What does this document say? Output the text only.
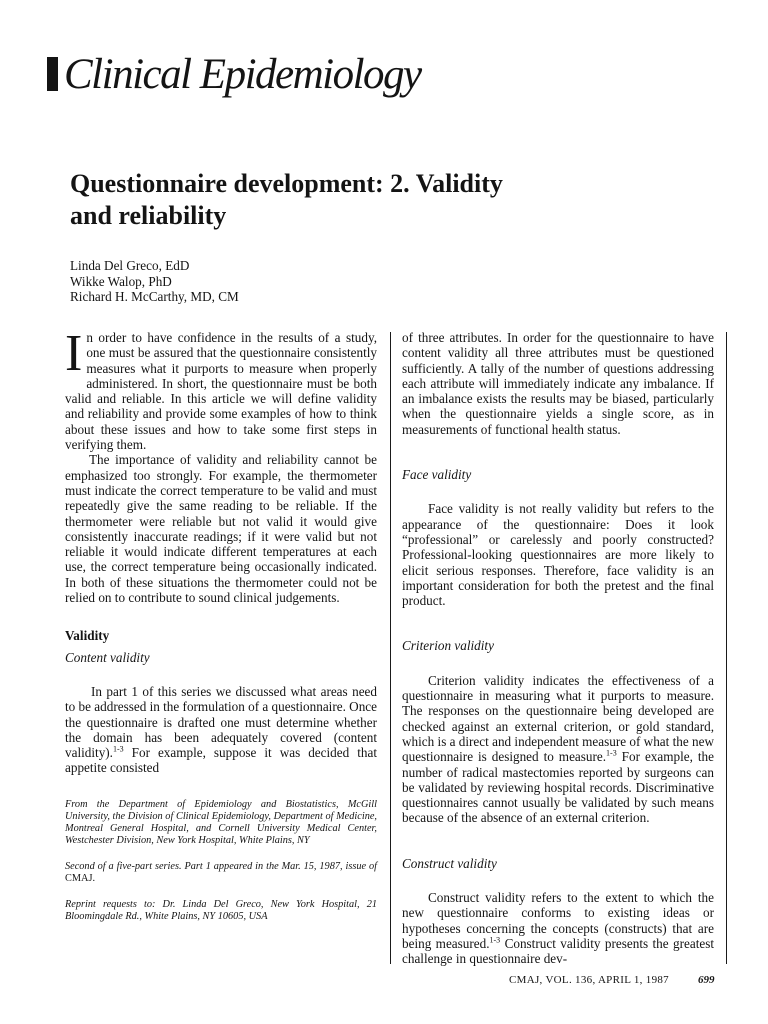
Clinical Epidemiology
Questionnaire development: 2. Validity
and reliability
Linda Del Greco, EdD
Wikke Walop, PhD
Richard H. McCarthy, MD, CM

In order to have confidence in the results of a study, one must be assured that the questionnaire consistently measures what it purports to measure when properly administered. In short, the questionnaire must be both valid and reliable. In this article we will define validity and reliability and provide some examples of how to think about these issues and how to take some first steps in verifying them.

The importance of validity and reliability cannot be emphasized too strongly. For example, the thermometer must indicate the correct temperature to be valid and must repeatedly give the same reading to be reliable. If the thermometer were reliable but not valid it would give consistently inaccurate readings; if it were valid but not reliable it would indicate different temperatures at each use, the correct temperature being occasionally indicated. In both of these situations the thermometer could not be relied on to contribute to sound clinical judgements.

Validity
Content validity

In part 1 of this series we discussed what areas need to be addressed in the formulation of a questionnaire. Once the questionnaire is drafted one must determine whether the domain has been adequately covered (content validity).$^{1-3}$ For example, suppose it was decided that appetite consisted

From the Department of Epidemiology and Biostatistics, McGill University, the Division of Clinical Epidemiology, Department of Medicine, Montreal General Hospital, and Cornell University Medical Center, Westchester Division, New York Hospital, White Plains, NY

Second of a five-part series. Part 1 appeared in the Mar. 15, 1987, issue of CMAJ.

Reprint requests to: Dr. Linda Del Greco, New York Hospital, 21 Bloomingdale Rd., White Plains, NY 10605, USA

of three attributes. In order for the questionnaire to have content validity all three attributes must be questioned sufficiently. A tally of the number of questions addressing each attribute will immediately indicate any imbalance. If an imbalance exists the results may be biased, particularly when the questionnaire yields a single score, as in measurements of functional health status.

Face validity

Face validity is not really validity but refers to the appearance of the questionnaire: Does it look “professional” or carelessly and poorly constructed? Professional-looking questionnaires are more likely to elicit serious responses. Therefore, face validity is an important consideration for both the pretest and the final product.

Criterion validity

Criterion validity indicates the effectiveness of a questionnaire in measuring what it purports to measure. The responses on the questionnaire being developed are checked against an external criterion, or gold standard, which is a direct and independent measure of what the new questionnaire is designed to measure.$^{1-3}$ For example, the number of radical mastectomies reported by surgeons can be validated by reviewing hospital records. Discriminative questionnaires cannot usually be validated by such means because of the absence of an external criterion.

Construct validity

Construct validity refers to the extent to which the new questionnaire conforms to existing ideas or hypotheses concerning the concepts (constructs) that are being measured.$^{1-3}$ Construct validity presents the greatest challenge in questionnaire dev-

CMAJ, VOL. 136, APRIL 1, 1987	699
